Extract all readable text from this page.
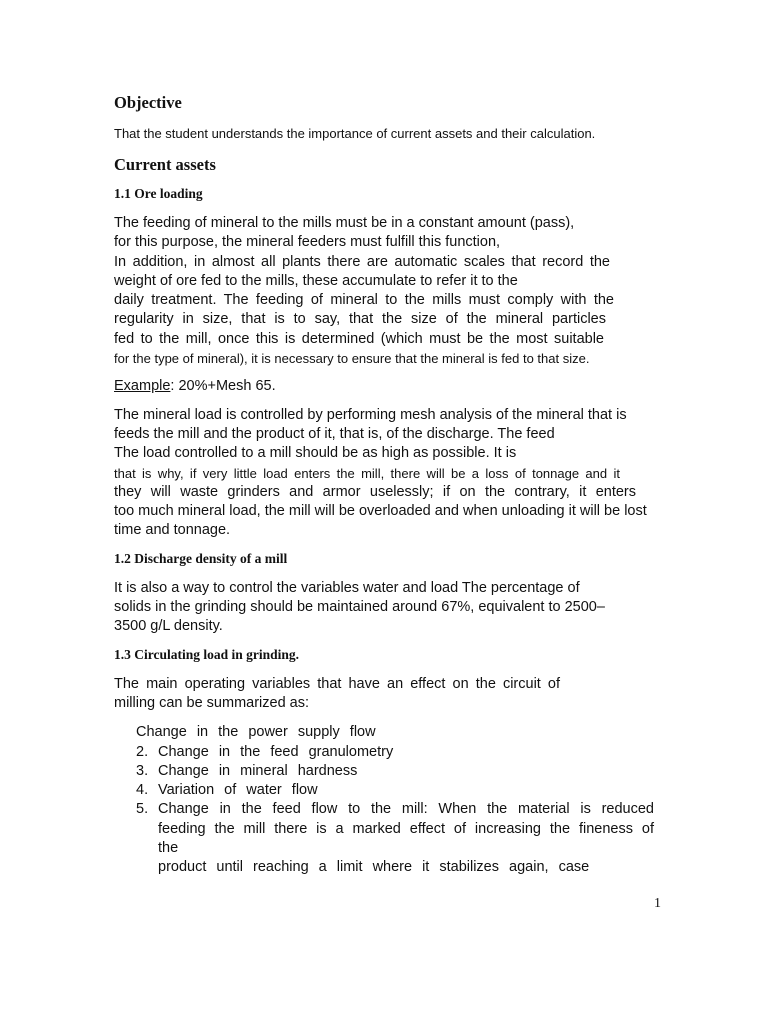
Objective

That the student understands the importance of current assets and their calculation.

Current assets
1.1 Ore loading
The feeding of mineral to the mills must be in a constant amount (pass),
for this purpose, the mineral feeders must fulfill this function,
In addition, in almost all plants there are automatic scales that record the
weight of ore fed to the mills, these accumulate to refer it to the
daily treatment. The feeding of mineral to the mills must comply with the
regularity in size, that is to say, that the size of the mineral particles
fed to the mill, once this is determined (which must be the most suitable
for the type of mineral), it is necessary to ensure that the mineral is fed to that size.
Example: 20%+Mesh 65.
The mineral load is controlled by performing mesh analysis of the mineral that is
feeds the mill and the product of it, that is, of the discharge. The feed
The load controlled to a mill should be as high as possible. It is
that is why, if very little load enters the mill, there will be a loss of tonnage and it
they will waste grinders and armor uselessly; if on the contrary, it enters
too much mineral load, the mill will be overloaded and when unloading it will be lost
time and tonnage.
1.2 Discharge density of a mill
It is also a way to control the variables water and load The percentage of
solids in the grinding should be maintained around 67%, equivalent to 2500–
3500 g/L density.
1.3 Circulating load in grinding.
The main operating variables that have an effect on the circuit of
milling can be summarized as:
Change in the power supply flow
2. Change in the feed granulometry
3. Change in mineral hardness
4. Variation of water flow
5. Change in the feed flow to the mill: When the material is reduced
feeding the mill there is a marked effect of increasing the fineness of the
product until reaching a limit where it stabilizes again, case
1
